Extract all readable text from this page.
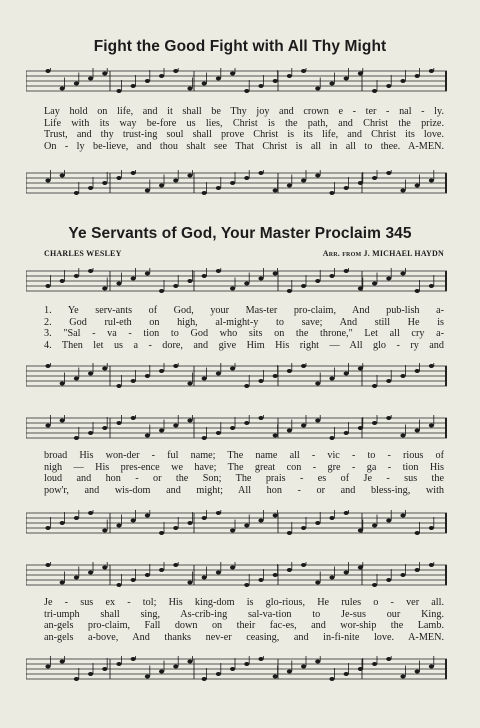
Fight the Good Fight with All Thy Might
Lay hold on life, and it shall be Thy joy and crown e - ter - nal - ly.
Life with its way be-fore us lies, Christ is the path, and Christ the prize.
Trust, and thy trust-ing soul shall prove Christ is its life, and Christ its love.
On - ly be-lieve, and thou shalt see That Christ is all in all to thee. A-MEN.
Ye Servants of God, Your Master Proclaim 345
CHARLES WESLEY	Arr. from J. MICHAEL HAYDN
1. Ye serv-ants of God, your Mas-ter pro-claim, And pub-lish a-
2. God rul-eth on high, al-might-y to save; And still He is
3. "Sal - va - tion to God who sits on the throne," Let all cry a-
4. Then let us a - dore, and give Him His right — All glo - ry and
broad His won-der - ful name; The name all - vic - to - rious of
nigh — His pres-ence we have; The great con - gre - ga - tion His
loud and hon - or the Son; The prais - es of Je - sus the
pow'r, and wis-dom and might; All hon - or and bless-ing, with
Je - sus ex - tol; His king-dom is glo-rious, He rules o - ver all.
tri-umph shall sing, As-crib-ing sal-va-tion to Je-sus our King.
an-gels pro-claim, Fall down on their fac-es, and wor-ship the Lamb.
an-gels a-bove, And thanks nev-er ceasing, and in-fi-nite love. A-MEN.
